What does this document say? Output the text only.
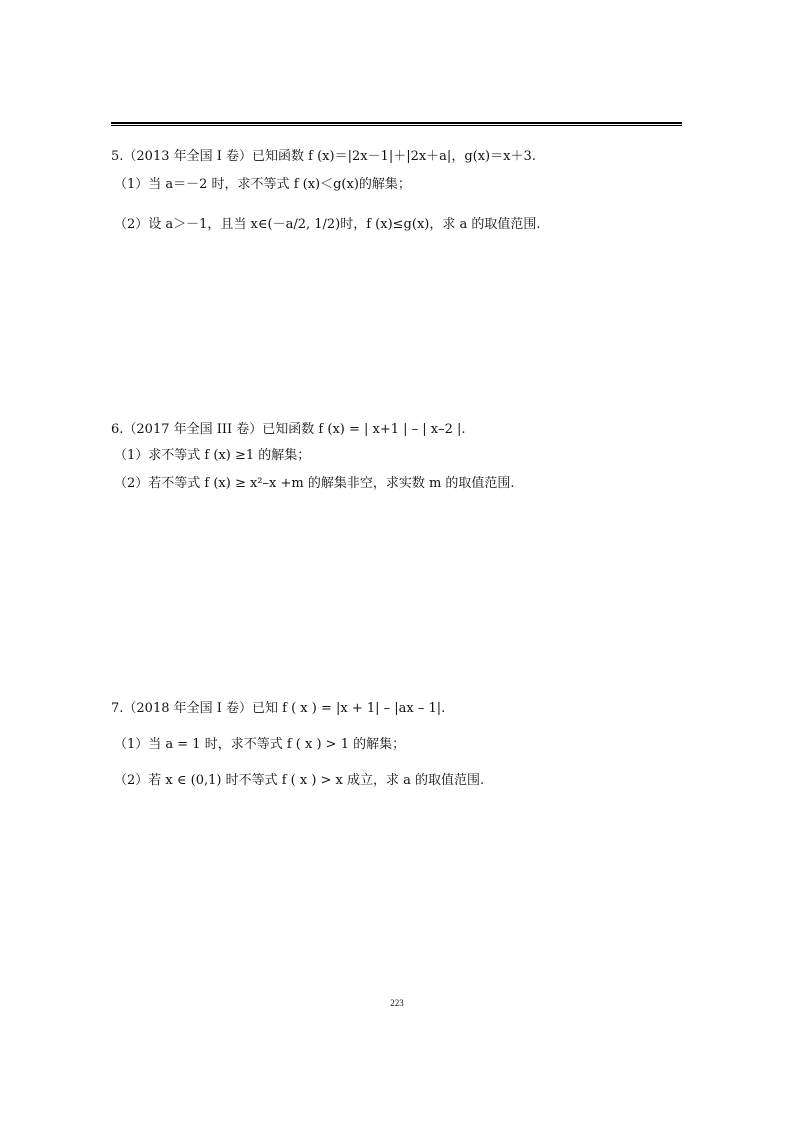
5.（2013 年全国 I 卷）已知函数 f (x)＝|2x－1|＋|2x＋a|，g(x)＝x＋3.
（1）当 a＝－2 时，求不等式 f (x)＜g(x)的解集；
（2）设 a＞－1，且当 x∈(－a/2, 1/2)时，f (x)≤g(x)，求 a 的取值范围.
6.（2017 年全国 III 卷）已知函数 f (x) = | x+1 | – | x–2 |.
（1）求不等式 f (x) ≥1 的解集；
（2）若不等式 f (x) ≥ x²–x +m 的解集非空，求实数 m 的取值范围.
7.（2018 年全国 I 卷）已知 f ( x ) = |x + 1| – |ax – 1|.
（1）当 a = 1 时，求不等式 f ( x ) > 1 的解集；
（2）若 x ∈ (0,1) 时不等式 f ( x ) > x 成立，求 a 的取值范围.
223
